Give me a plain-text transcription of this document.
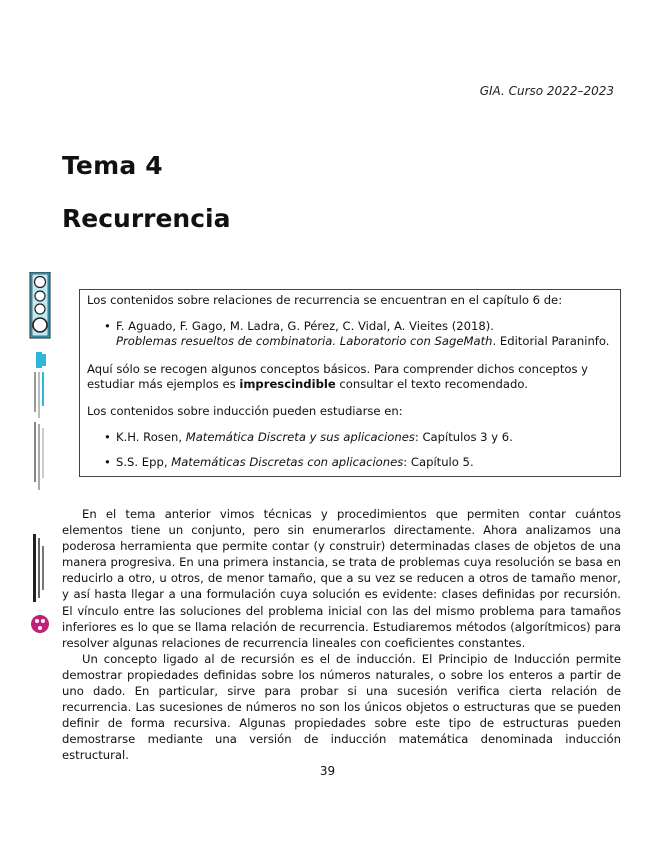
GIA. Curso 2022–2023
Tema 4
Recurrencia

Los contenidos sobre relaciones de recurrencia se encuentran en el capítulo 6 de:

• F. Aguado, F. Gago, M. Ladra, G. Pérez, C. Vidal, A. Vieites (2018).
Problemas resueltos de combinatoria. Laboratorio con SageMath. Editorial Paraninfo.

Aquí sólo se recogen algunos conceptos básicos. Para comprender dichos conceptos y estudiar más ejemplos es imprescindible consultar el texto recomendado.

Los contenidos sobre inducción pueden estudiarse en:

• K.H. Rosen, Matemática Discreta y sus aplicaciones: Capítulos 3 y 6.
• S.S. Epp, Matemáticas Discretas con aplicaciones: Capítulo 5.

En el tema anterior vimos técnicas y procedimientos que permiten contar cuántos elementos tiene un conjunto, pero sin enumerarlos directamente. Ahora analizamos una poderosa herramienta que permite contar (y construir) determinadas clases de objetos de una manera progresiva. En una primera instancia, se trata de problemas cuya resolución se basa en reducirlo a otro, u otros, de menor tamaño, que a su vez se reducen a otros de tamaño menor, y así hasta llegar a una formulación cuya solución es evidente: clases definidas por recursión. El vínculo entre las soluciones del problema inicial con las del mismo problema para tamaños inferiores es lo que se llama relación de recurrencia. Estudiaremos métodos (algorítmicos) para resolver algunas relaciones de recurrencia lineales con coeficientes constantes.

Un concepto ligado al de recursión es el de inducción. El Principio de Inducción permite demostrar propiedades definidas sobre los números naturales, o sobre los enteros a partir de uno dado. En particular, sirve para probar si una sucesión verifica cierta relación de recurrencia. Las sucesiones de números no son los únicos objetos o estructuras que se pueden definir de forma recursiva. Algunas propiedades sobre este tipo de estructuras pueden demostrarse mediante una versión de inducción matemática denominada inducción estructural.

39
